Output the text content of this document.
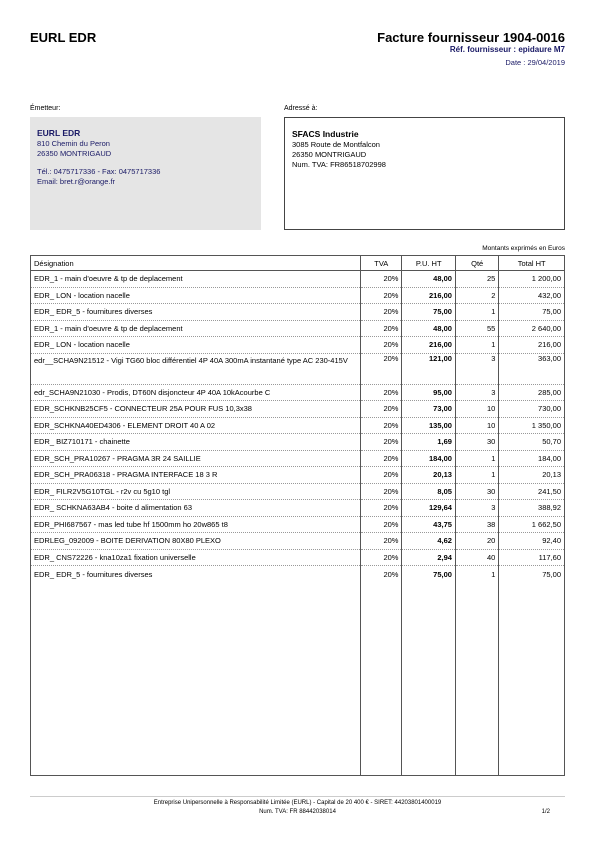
EURL EDR	Facture fournisseur 1904-0016
Réf. fournisseur : epidaure M7
Date : 29/04/2019
Émetteur:	Adressé à:
EURL EDR
810 Chemin du Peron
26350 MONTRIGAUD
Tél.: 0475717336 - Fax: 0475717336
Email: bret.r@orange.fr
SFACS Industrie
3085 Route de Montfalcon
26350 MONTRIGAUD
Num. TVA: FR86518702998
Montants exprimés en Euros
Désignation	TVA	P.U. HT	Qté	Total HT
EDR_1 - main d'oeuvre & tp de deplacement	20%	48,00	25	1 200,00
EDR_ LON - location nacelle	20%	216,00	2	432,00
EDR_ EDR_5 - fournitures diverses	20%	75,00	1	75,00
EDR_1 - main d'oeuvre & tp de deplacement	20%	48,00	55	2 640,00
EDR_ LON - location nacelle	20%	216,00	1	216,00
edr__SCHA9N21512 - Vigi TG60 bloc différentiel 4P 40A 300mA instantané type AC 230-415V	20%	121,00	3	363,00
edr_SCHA9N21030 - Prodis, DT60N disjoncteur 4P 40A 10kAcourbe C	20%	95,00	3	285,00
EDR_SCHKNB25CF5 - CONNECTEUR 25A POUR FUS 10,3x38	20%	73,00	10	730,00
EDR_SCHKNA40ED4306 - ELEMENT DROIT 40 A 02	20%	135,00	10	1 350,00
EDR_ BIZ710171 - chainette	20%	1,69	30	50,70
EDR_SCH_PRA10267 - PRAGMA 3R 24 SAILLIE	20%	184,00	1	184,00
EDR_SCH_PRA06318 - PRAGMA INTERFACE 18 3 R	20%	20,13	1	20,13
EDR_ FILR2V5G10TGL - r2v cu 5g10 tgl	20%	8,05	30	241,50
EDR_ SCHKNA63AB4 - boite d alimentation 63	20%	129,64	3	388,92
EDR_PHI687567 - mas led tube hf 1500mm ho 20w865 t8	20%	43,75	38	1 662,50
EDRLEG_092009 - BOITE DERIVATION 80X80 PLEXO	20%	4,62	20	92,40
EDR_ CNS72226 - kna10za1 fixation universelle	20%	2,94	40	117,60
EDR_ EDR_5 - fournitures diverses	20%	75,00	1	75,00
Entreprise Unipersonnelle à Responsabilité Limitée (EURL) - Capital de 20 400 € - SIRET: 44203801400019
Num. TVA: FR 88442038014	1/2
